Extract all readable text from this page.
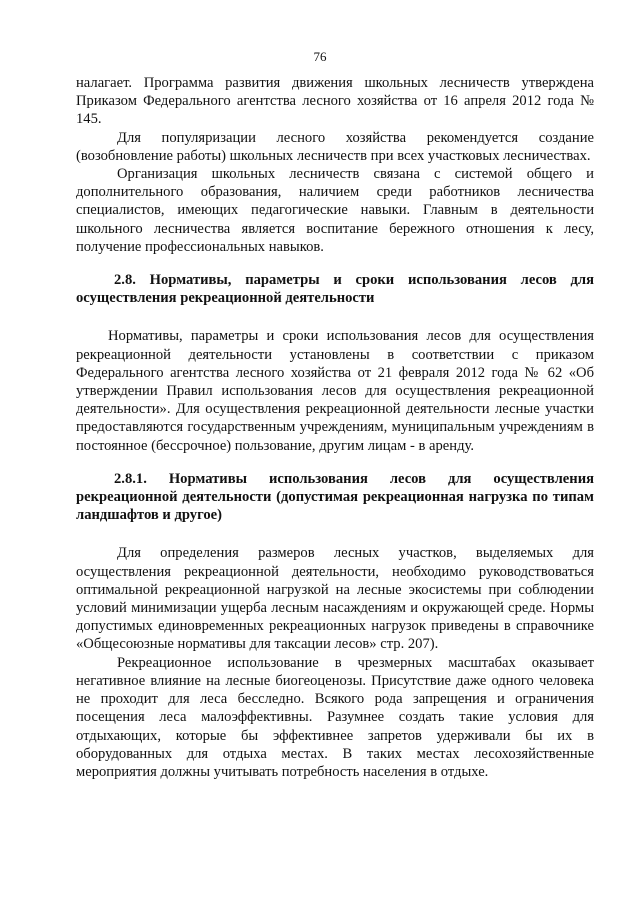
76

налагает. Программа развития движения школьных лесничеств утверждена Приказом Федерального агентства лесного хозяйства от 16 апреля 2012 года № 145.

Для популяризации лесного хозяйства рекомендуется создание (возобновление работы) школьных лесничеств при всех участковых лесничествах.

Организация школьных лесничеств связана с системой общего и дополнительного образования, наличием среди работников лесничества специалистов, имеющих педагогические навыки. Главным в деятельности школьного лесничества является воспитание бережного отношения к лесу, получение профессиональных навыков.

2.8. Нормативы, параметры и сроки использования лесов для осуществления рекреационной деятельности

Нормативы, параметры и сроки использования лесов для осуществления рекреационной деятельности установлены в соответствии с приказом Федерального агентства лесного хозяйства от 21 февраля 2012 года № 62 «Об утверждении Правил использования лесов для осуществления рекреационной деятельности». Для осуществления рекреационной деятельности лесные участки предоставляются государственным учреждениям, муниципальным учреждениям в постоянное (бессрочное) пользование, другим лицам - в аренду.

2.8.1. Нормативы использования лесов для осуществления рекреационной деятельности (допустимая рекреационная нагрузка по типам ландшафтов и другое)

Для определения размеров лесных участков, выделяемых для осуществления рекреационной деятельности, необходимо руководствоваться оптимальной рекреационной нагрузкой на лесные экосистемы при соблюдении условий минимизации ущерба лесным насаждениям и окружающей среде. Нормы допустимых единовременных рекреационных нагрузок приведены в справочнике «Общесоюзные нормативы для таксации лесов» стр. 207).

Рекреационное использование в чрезмерных масштабах оказывает негативное влияние на лесные биогеоценозы. Присутствие даже одного человека не проходит для леса бесследно. Всякого рода запрещения и ограничения посещения леса малоэффективны. Разумнее создать такие условия для отдыхающих, которые бы эффективнее запретов удерживали бы их в оборудованных для отдыха местах. В таких местах лесохозяйственные мероприятия должны учитывать потребность населения в отдыхе.
